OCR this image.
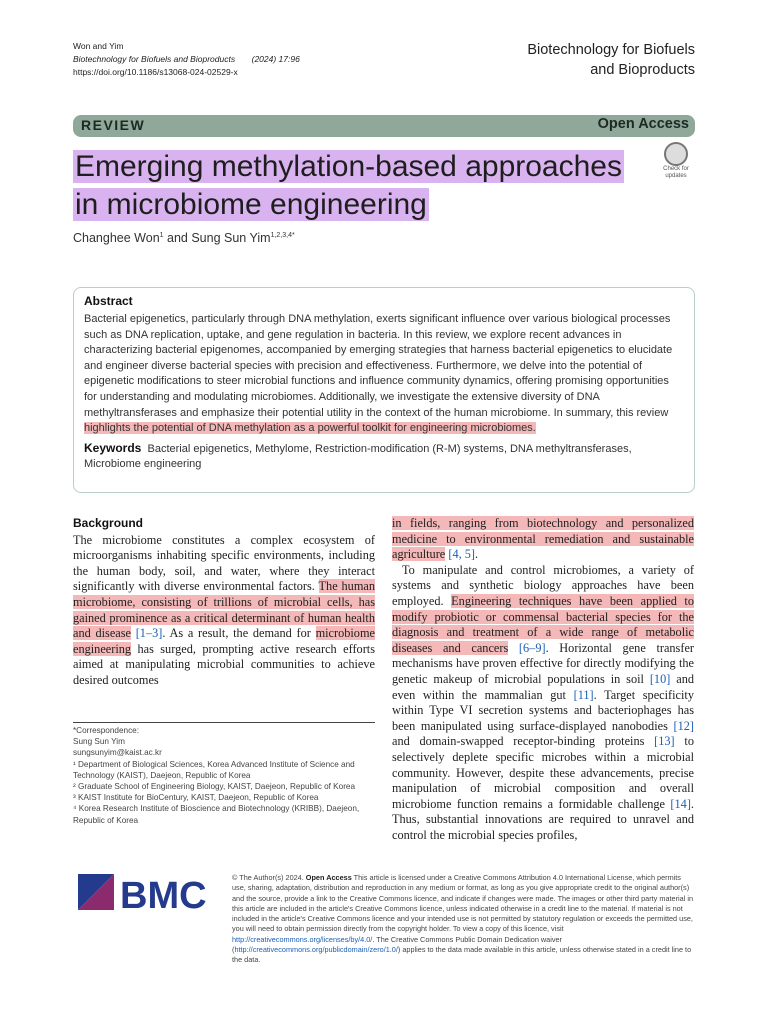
Won and Yim
Biotechnology for Biofuels and Bioproducts (2024) 17:96
https://doi.org/10.1186/s13068-024-02529-x
Biotechnology for Biofuels
and Bioproducts
REVIEW	Open Access
Emerging methylation-based approaches
in microbiome engineering
Check for
updates
Changhee Won$^1$ and Sung Sun Yim$^{1,2,3,4*}$
Abstract

Bacterial epigenetics, particularly through DNA methylation, exerts significant influence over various biological processes such as DNA replication, uptake, and gene regulation in bacteria. In this review, we explore recent advances in characterizing bacterial epigenomes, accompanied by emerging strategies that harness bacterial epigenetics to elucidate and engineer diverse bacterial species with precision and effectiveness. Furthermore, we delve into the potential of epigenetic modifications to steer microbial functions and influence community dynamics, offering promising opportunities for understanding and modulating microbiomes. Additionally, we investigate the extensive diversity of DNA methyltransferases and emphasize their potential utility in the context of the human microbiome. In summary, this review highlights the potential of DNA methylation as a powerful toolkit for engineering microbiomes.

Keywords Bacterial epigenetics, Methylome, Restriction-modification (R-M) systems, DNA methyltransferases, Microbiome engineering

Background

The microbiome constitutes a complex ecosystem of microorganisms inhabiting specific environments, including the human body, soil, and water, where they interact significantly with diverse environmental factors. The human microbiome, consisting of trillions of microbial cells, has gained prominence as a critical determinant of human health and disease [1–3]. As a result, the demand for microbiome engineering has surged, prompting active research efforts aimed at manipulating microbial communities to achieve desired outcomes

*Correspondence:

Sung Sun Yim

sungsunyim@kaist.ac.kr

¹ Department of Biological Sciences, Korea Advanced Institute of Science and Technology (KAIST), Daejeon, Republic of Korea

² Graduate School of Engineering Biology, KAIST, Daejeon, Republic of Korea

³ KAIST Institute for BioCentury, KAIST, Daejeon, Republic of Korea

⁴ Korea Research Institute of Bioscience and Biotechnology (KRIBB), Daejeon, Republic of Korea

in fields, ranging from biotechnology and personalized medicine to environmental remediation and sustainable agriculture [4, 5].

To manipulate and control microbiomes, a variety of systems and synthetic biology approaches have been employed. Engineering techniques have been applied to modify probiotic or commensal bacterial species for the diagnosis and treatment of a wide range of metabolic diseases and cancers [6–9]. Horizontal gene transfer mechanisms have proven effective for directly modifying the genetic makeup of microbial populations in soil [10] and even within the mammalian gut [11]. Target specificity within Type VI secretion systems and bacteriophages has been manipulated using surface-displayed nanobodies [12] and domain-swapped receptor-binding proteins [13] to selectively deplete specific microbes within a microbial community. However, despite these advancements, precise manipulation of microbial composition and overall microbiome function remains a formidable challenge [14]. Thus, substantial innovations are required to unravel and control the microbial species profiles,

BMC	© The Author(s) 2024. Open Access This article is licensed under a Creative Commons Attribution 4.0 International License, which permits use, sharing, adaptation, distribution and reproduction in any medium or format, as long as you give appropriate credit to the original author(s) and the source, provide a link to the Creative Commons licence, and indicate if changes were made. The images or other third party material in this article are included in the article's Creative Commons licence, unless indicated otherwise in a credit line to the material. If material is not included in the article's Creative Commons licence and your intended use is not permitted by statutory regulation or exceeds the permitted use, you will need to obtain permission directly from the copyright holder. To view a copy of this licence, visit http://creativecommons.org/licenses/by/4.0/. The Creative Commons Public Domain Dedication waiver (http://creativecommons.org/publicdomain/zero/1.0/) applies to the data made available in this article, unless otherwise stated in a credit line to the data.
